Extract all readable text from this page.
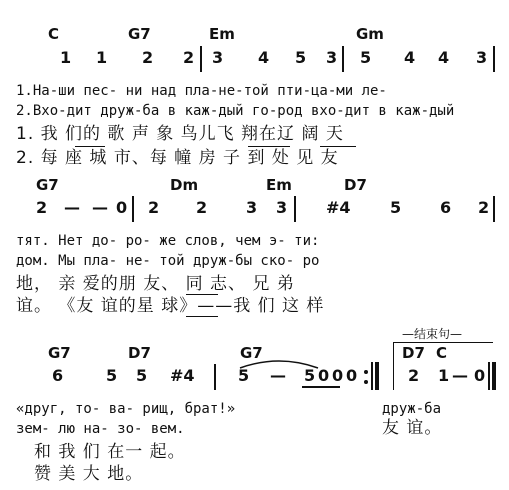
C	G7	Em	Gm
1 1 2 2 3 4 5 3 5 4 4 3
1.На-ши пес- ни над пла-не-той пти-ца-ми ле-
2.Вхо-дит друж-ба в каж-дый го-род вхо-дит в каж-дый
1. 我 们的 歌 声 象 鸟儿飞 翔在辽 阔 天
2. 每 座 城 市、每 幢 房 子 到 处 见 友
G7	Dm	Em	D7
2 — — 0 2 2 3 3 #4 5 6 2
тят. Нет до- ро- же слов, чем э- ти:
дом. Мы пла- не- той друж-бы ско- ро
地， 亲 爱的朋 友、 同 志、 兄 弟
谊。 《友 谊的星 球》——我 们 这 样
—结束句—
G7	D7	G7	D7 C
6	5 5 #4	5 — 5 0 0 0	2 1 — 0
«друг, то- ва- рищ, брат!»	друж-ба
зем- лю на- зо- вем.	友 谊。
和 我 们 在一 起。
赞 美 大 地。
